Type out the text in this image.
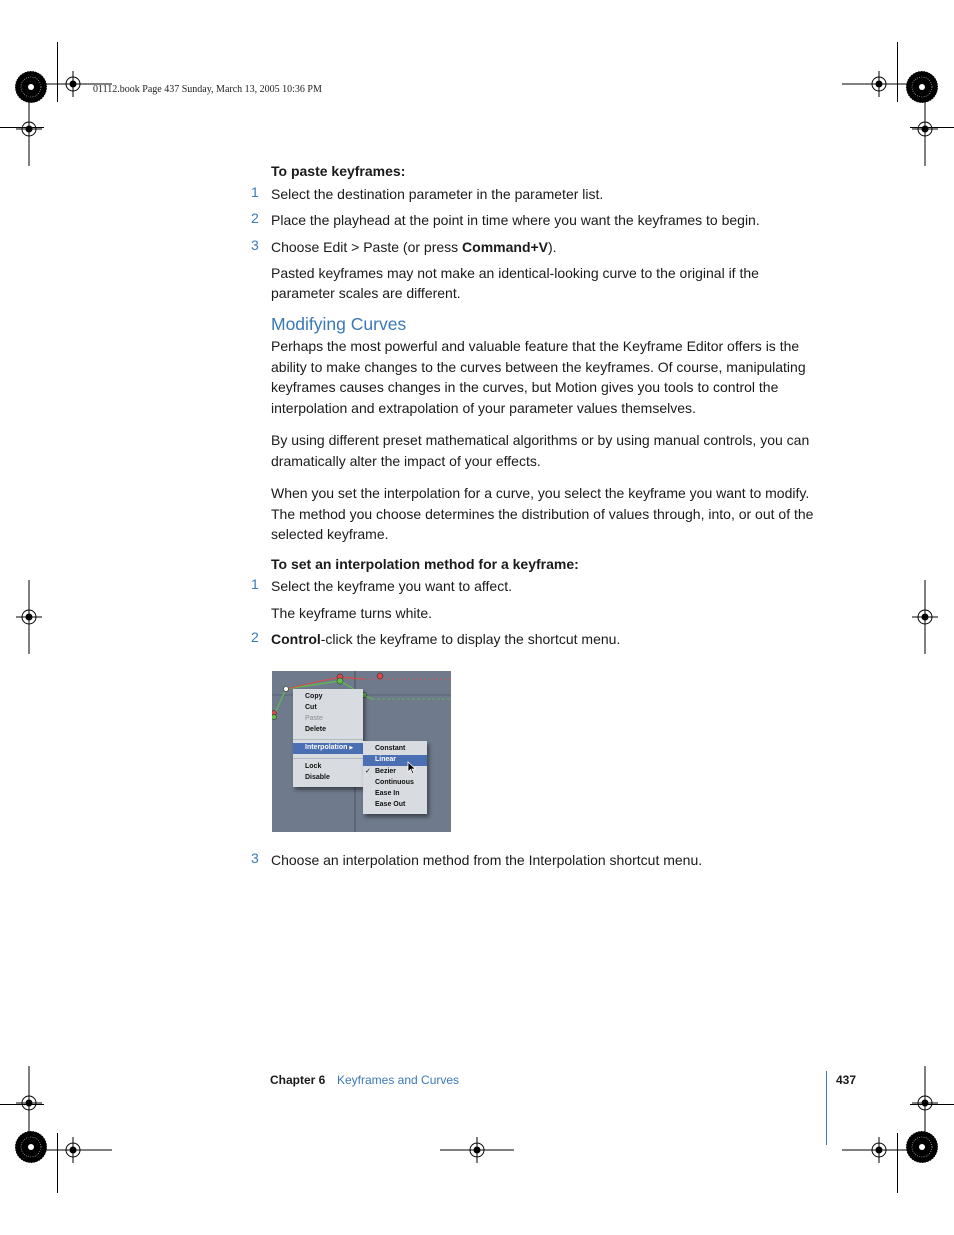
01112.book Page 437 Sunday, March 13, 2005 10:36 PM
To paste keyframes:
1 Select the destination parameter in the parameter list.
2 Place the playhead at the point in time where you want the keyframes to begin.
3 Choose Edit > Paste (or press Command+V).
Pasted keyframes may not make an identical-looking curve to the original if the parameter scales are different.
Modifying Curves
Perhaps the most powerful and valuable feature that the Keyframe Editor offers is the ability to make changes to the curves between the keyframes. Of course, manipulating keyframes causes changes in the curves, but Motion gives you tools to control the interpolation and extrapolation of your parameter values themselves.
By using different preset mathematical algorithms or by using manual controls, you can dramatically alter the impact of your effects.
When you set the interpolation for a curve, you select the keyframe you want to modify. The method you choose determines the distribution of values through, into, or out of the selected keyframe.
To set an interpolation method for a keyframe:
1 Select the keyframe you want to affect.
The keyframe turns white.
2 Control-click the keyframe to display the shortcut menu.
Copy
Cut
Paste
Delete
Interpolation ▶
Lock
Disable
Constant
Linear
✓ Bezier
Continuous
Ease In
Ease Out
3 Choose an interpolation method from the Interpolation shortcut menu.
Chapter 6 Keyframes and Curves	437
